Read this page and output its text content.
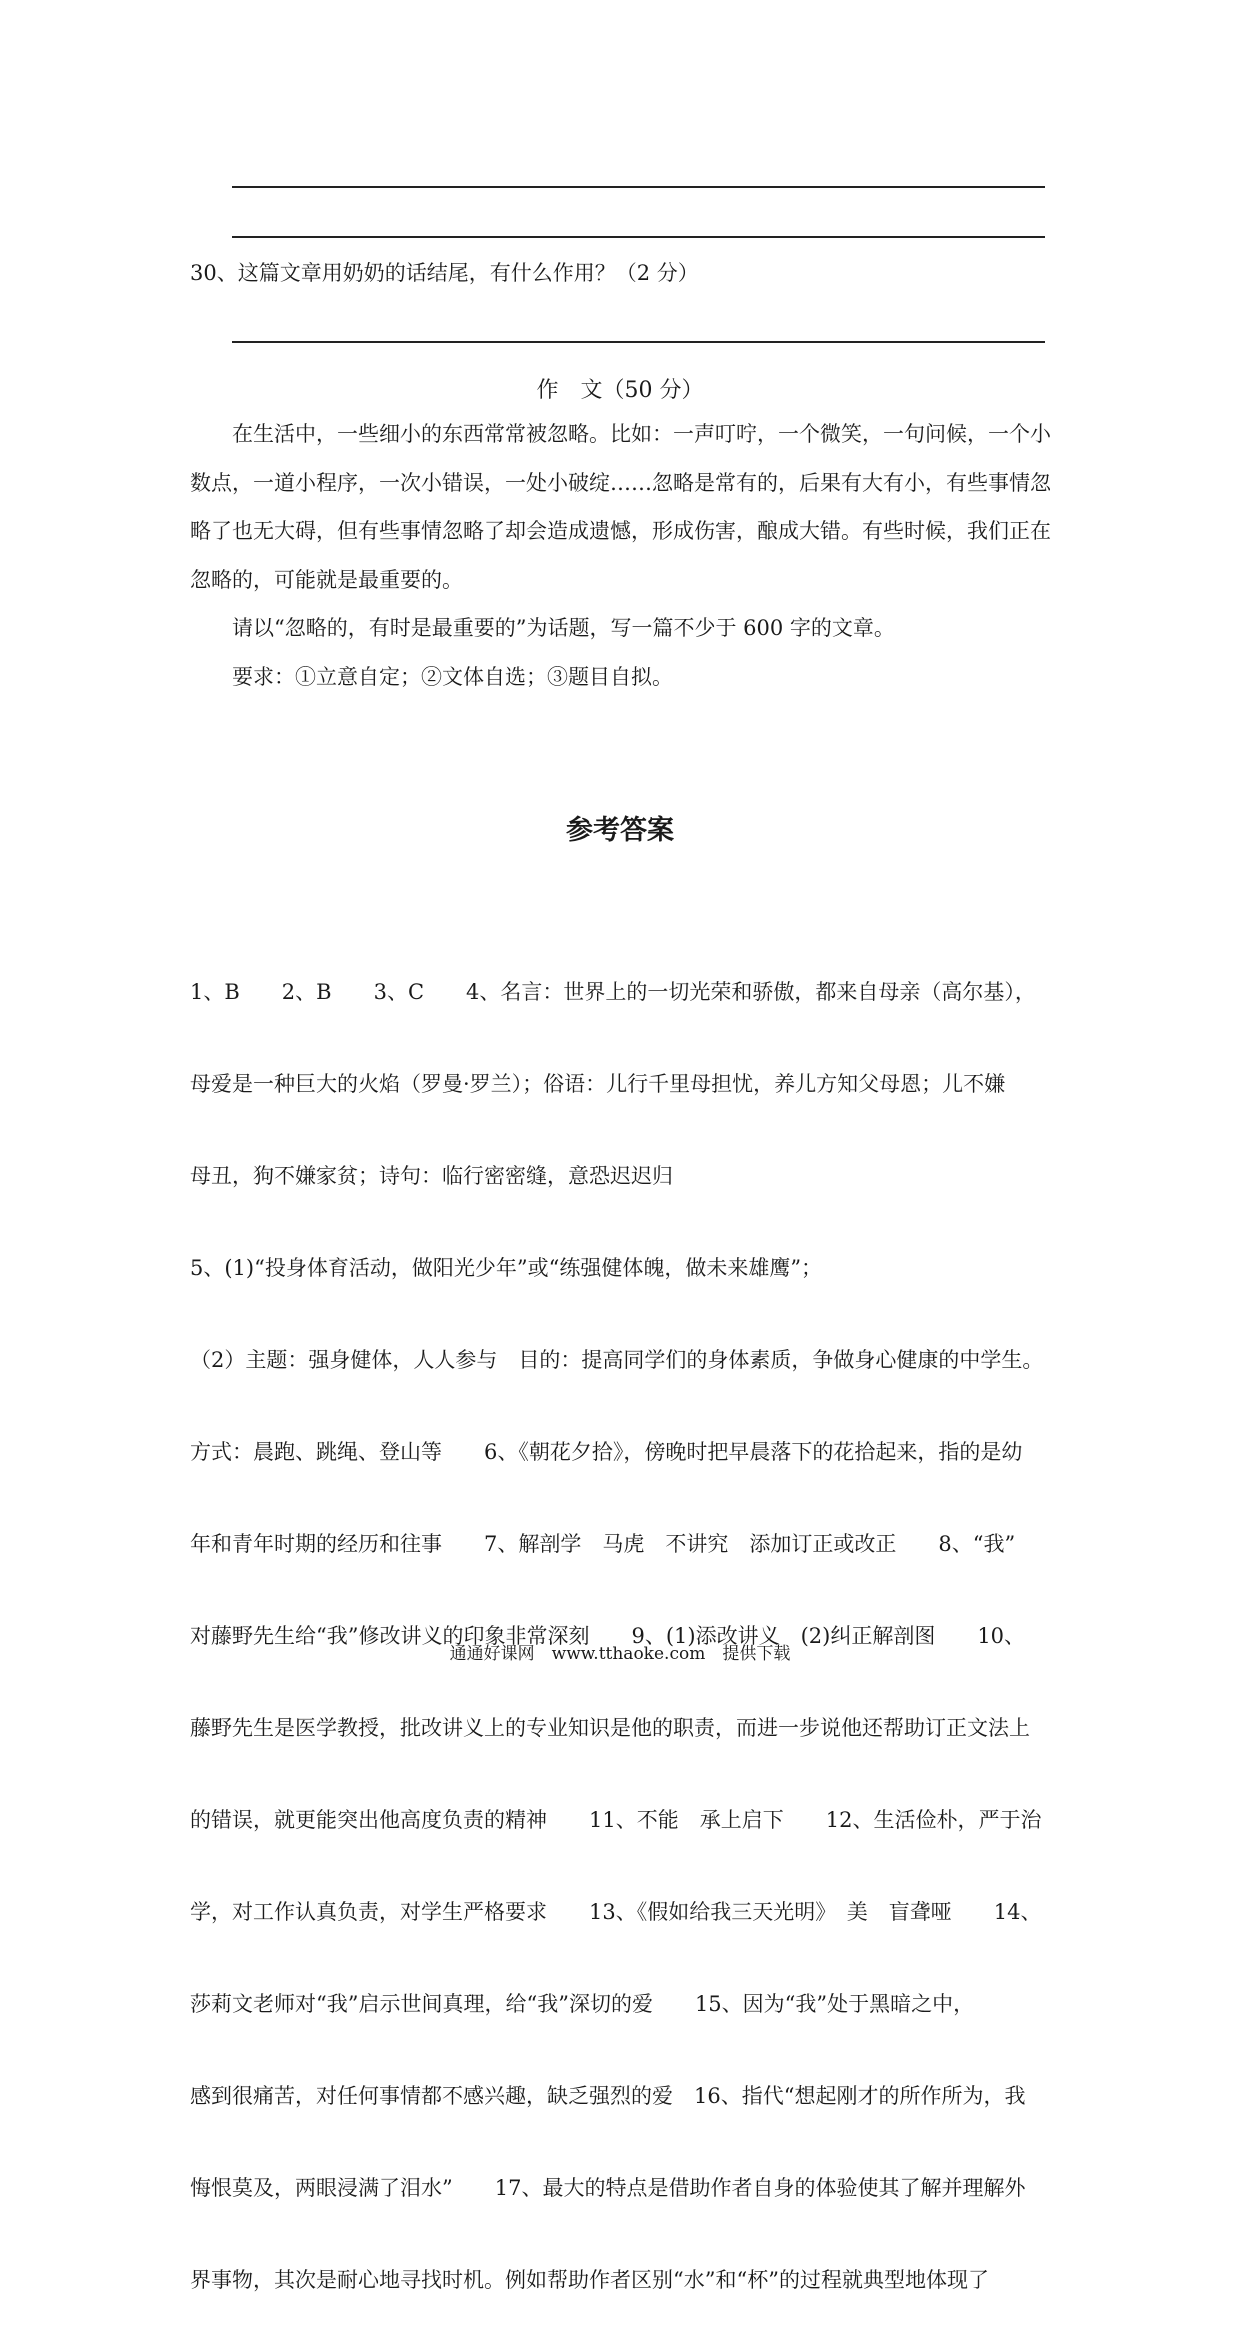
30、这篇文章用奶奶的话结尾，有什么作用？（2 分）
作　文（50 分）

在生活中，一些细小的东西常常被忽略。比如：一声叮咛，一个微笑，一句问候，一个小数点，一道小程序，一次小错误，一处小破绽……忽略是常有的，后果有大有小，有些事情忽略了也无大碍，但有些事情忽略了却会造成遗憾，形成伤害，酿成大错。有些时候，我们正在忽略的，可能就是最重要的。

请以“忽略的，有时是最重要的”为话题，写一篇不少于 600 字的文章。

要求：①立意自定；②文体自选；③题目自拟。

参考答案

1、B　　2、B　　3、C　　4、名言：世界上的一切光荣和骄傲，都来自母亲（高尔基），

母爱是一种巨大的火焰（罗曼·罗兰）；俗语：儿行千里母担忧，养儿方知父母恩；儿不嫌

母丑，狗不嫌家贫；诗句：临行密密缝，意恐迟迟归

5、(1)“投身体育活动，做阳光少年”或“练强健体魄，做未来雄鹰”；

（2）主题：强身健体，人人参与　目的：提高同学们的身体素质，争做身心健康的中学生。

方式：晨跑、跳绳、登山等　　6、《朝花夕拾》，傍晚时把早晨落下的花拾起来，指的是幼

年和青年时期的经历和往事　　7、解剖学　马虎　不讲究　添加订正或改正　　8、“我”

对藤野先生给“我”修改讲义的印象非常深刻　　9、(1)添改讲义　(2)纠正解剖图　　10、

藤野先生是医学教授，批改讲义上的专业知识是他的职责，而进一步说他还帮助订正文法上

的错误，就更能突出他高度负责的精神　　11、不能　承上启下　　12、生活俭朴，严于治

学，对工作认真负责，对学生严格要求　　13、《假如给我三天光明》　美　盲聋哑　　14、

莎莉文老师对“我”启示世间真理，给“我”深切的爱　　15、因为“我”处于黑暗之中，

感到很痛苦，对任何事情都不感兴趣，缺乏强烈的爱　16、指代“想起刚才的所作所为，我

悔恨莫及，两眼浸满了泪水”　　17、最大的特点是借助作者自身的体验使其了解并理解外

界事物，其次是耐心地寻找时机。例如帮助作者区别“水”和“杯”的过程就典型地体现了

通通好课网　www.tthaoke.com　提供下载
